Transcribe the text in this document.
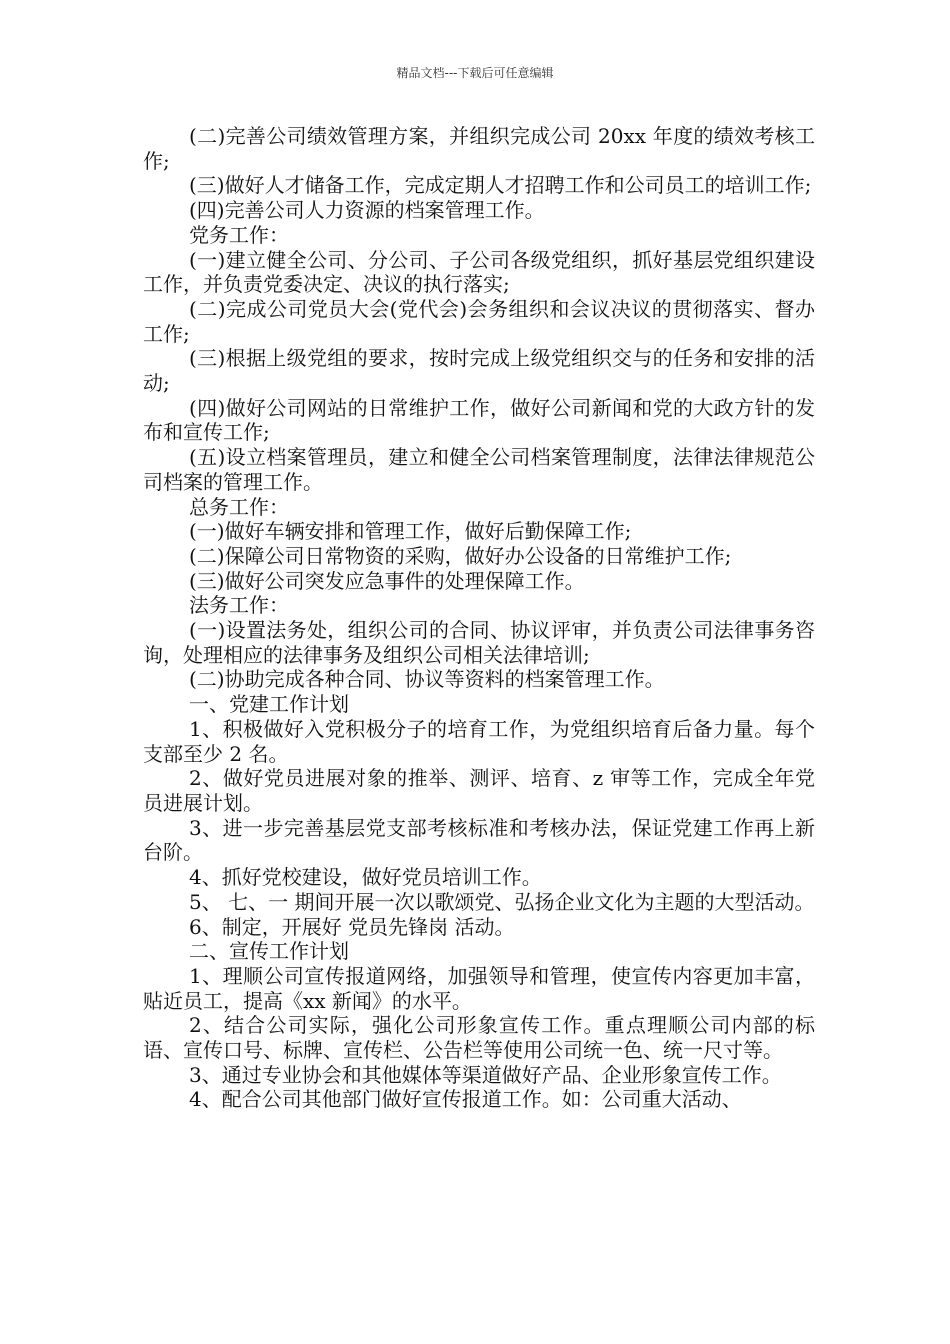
精品文档---下载后可任意编辑

(二)完善公司绩效管理方案，并组织完成公司 20xx 年度的绩效考核工作;

(三)做好人才储备工作，完成定期人才招聘工作和公司员工的培训工作;

(四)完善公司人力资源的档案管理工作。

党务工作：

(一)建立健全公司、分公司、子公司各级党组织，抓好基层党组织建设工作，并负责党委决定、决议的执行落实;

(二)完成公司党员大会(党代会)会务组织和会议决议的贯彻落实、督办工作;

(三)根据上级党组的要求，按时完成上级党组织交与的任务和安排的活动;

(四)做好公司网站的日常维护工作，做好公司新闻和党的大政方针的发布和宣传工作;

(五)设立档案管理员，建立和健全公司档案管理制度，法律法律规范公司档案的管理工作。

总务工作：

(一)做好车辆安排和管理工作，做好后勤保障工作;

(二)保障公司日常物资的采购，做好办公设备的日常维护工作;

(三)做好公司突发应急事件的处理保障工作。

法务工作：

(一)设置法务处，组织公司的合同、协议评审，并负责公司法律事务咨询，处理相应的法律事务及组织公司相关法律培训;

(二)协助完成各种合同、协议等资料的档案管理工作。

一、党建工作计划

1、积极做好入党积极分子的培育工作，为党组织培育后备力量。每个支部至少 2 名。

2、做好党员进展对象的推举、测评、培育、z 审等工作，完成全年党员进展计划。

3、进一步完善基层党支部考核标准和考核办法，保证党建工作再上新台阶。

4、抓好党校建设，做好党员培训工作。

5、 七、一 期间开展一次以歌颂党、弘扬企业文化为主题的大型活动。

6、制定，开展好 党员先锋岗 活动。

二、宣传工作计划

1、理顺公司宣传报道网络，加强领导和管理，使宣传内容更加丰富，贴近员工，提高《xx 新闻》的水平。

2、结合公司实际，强化公司形象宣传工作。重点理顺公司内部的标语、宣传口号、标牌、宣传栏、公告栏等使用公司统一色、统一尺寸等。

3、通过专业协会和其他媒体等渠道做好产品、企业形象宣传工作。

4、配合公司其他部门做好宣传报道工作。如：公司重大活动、
